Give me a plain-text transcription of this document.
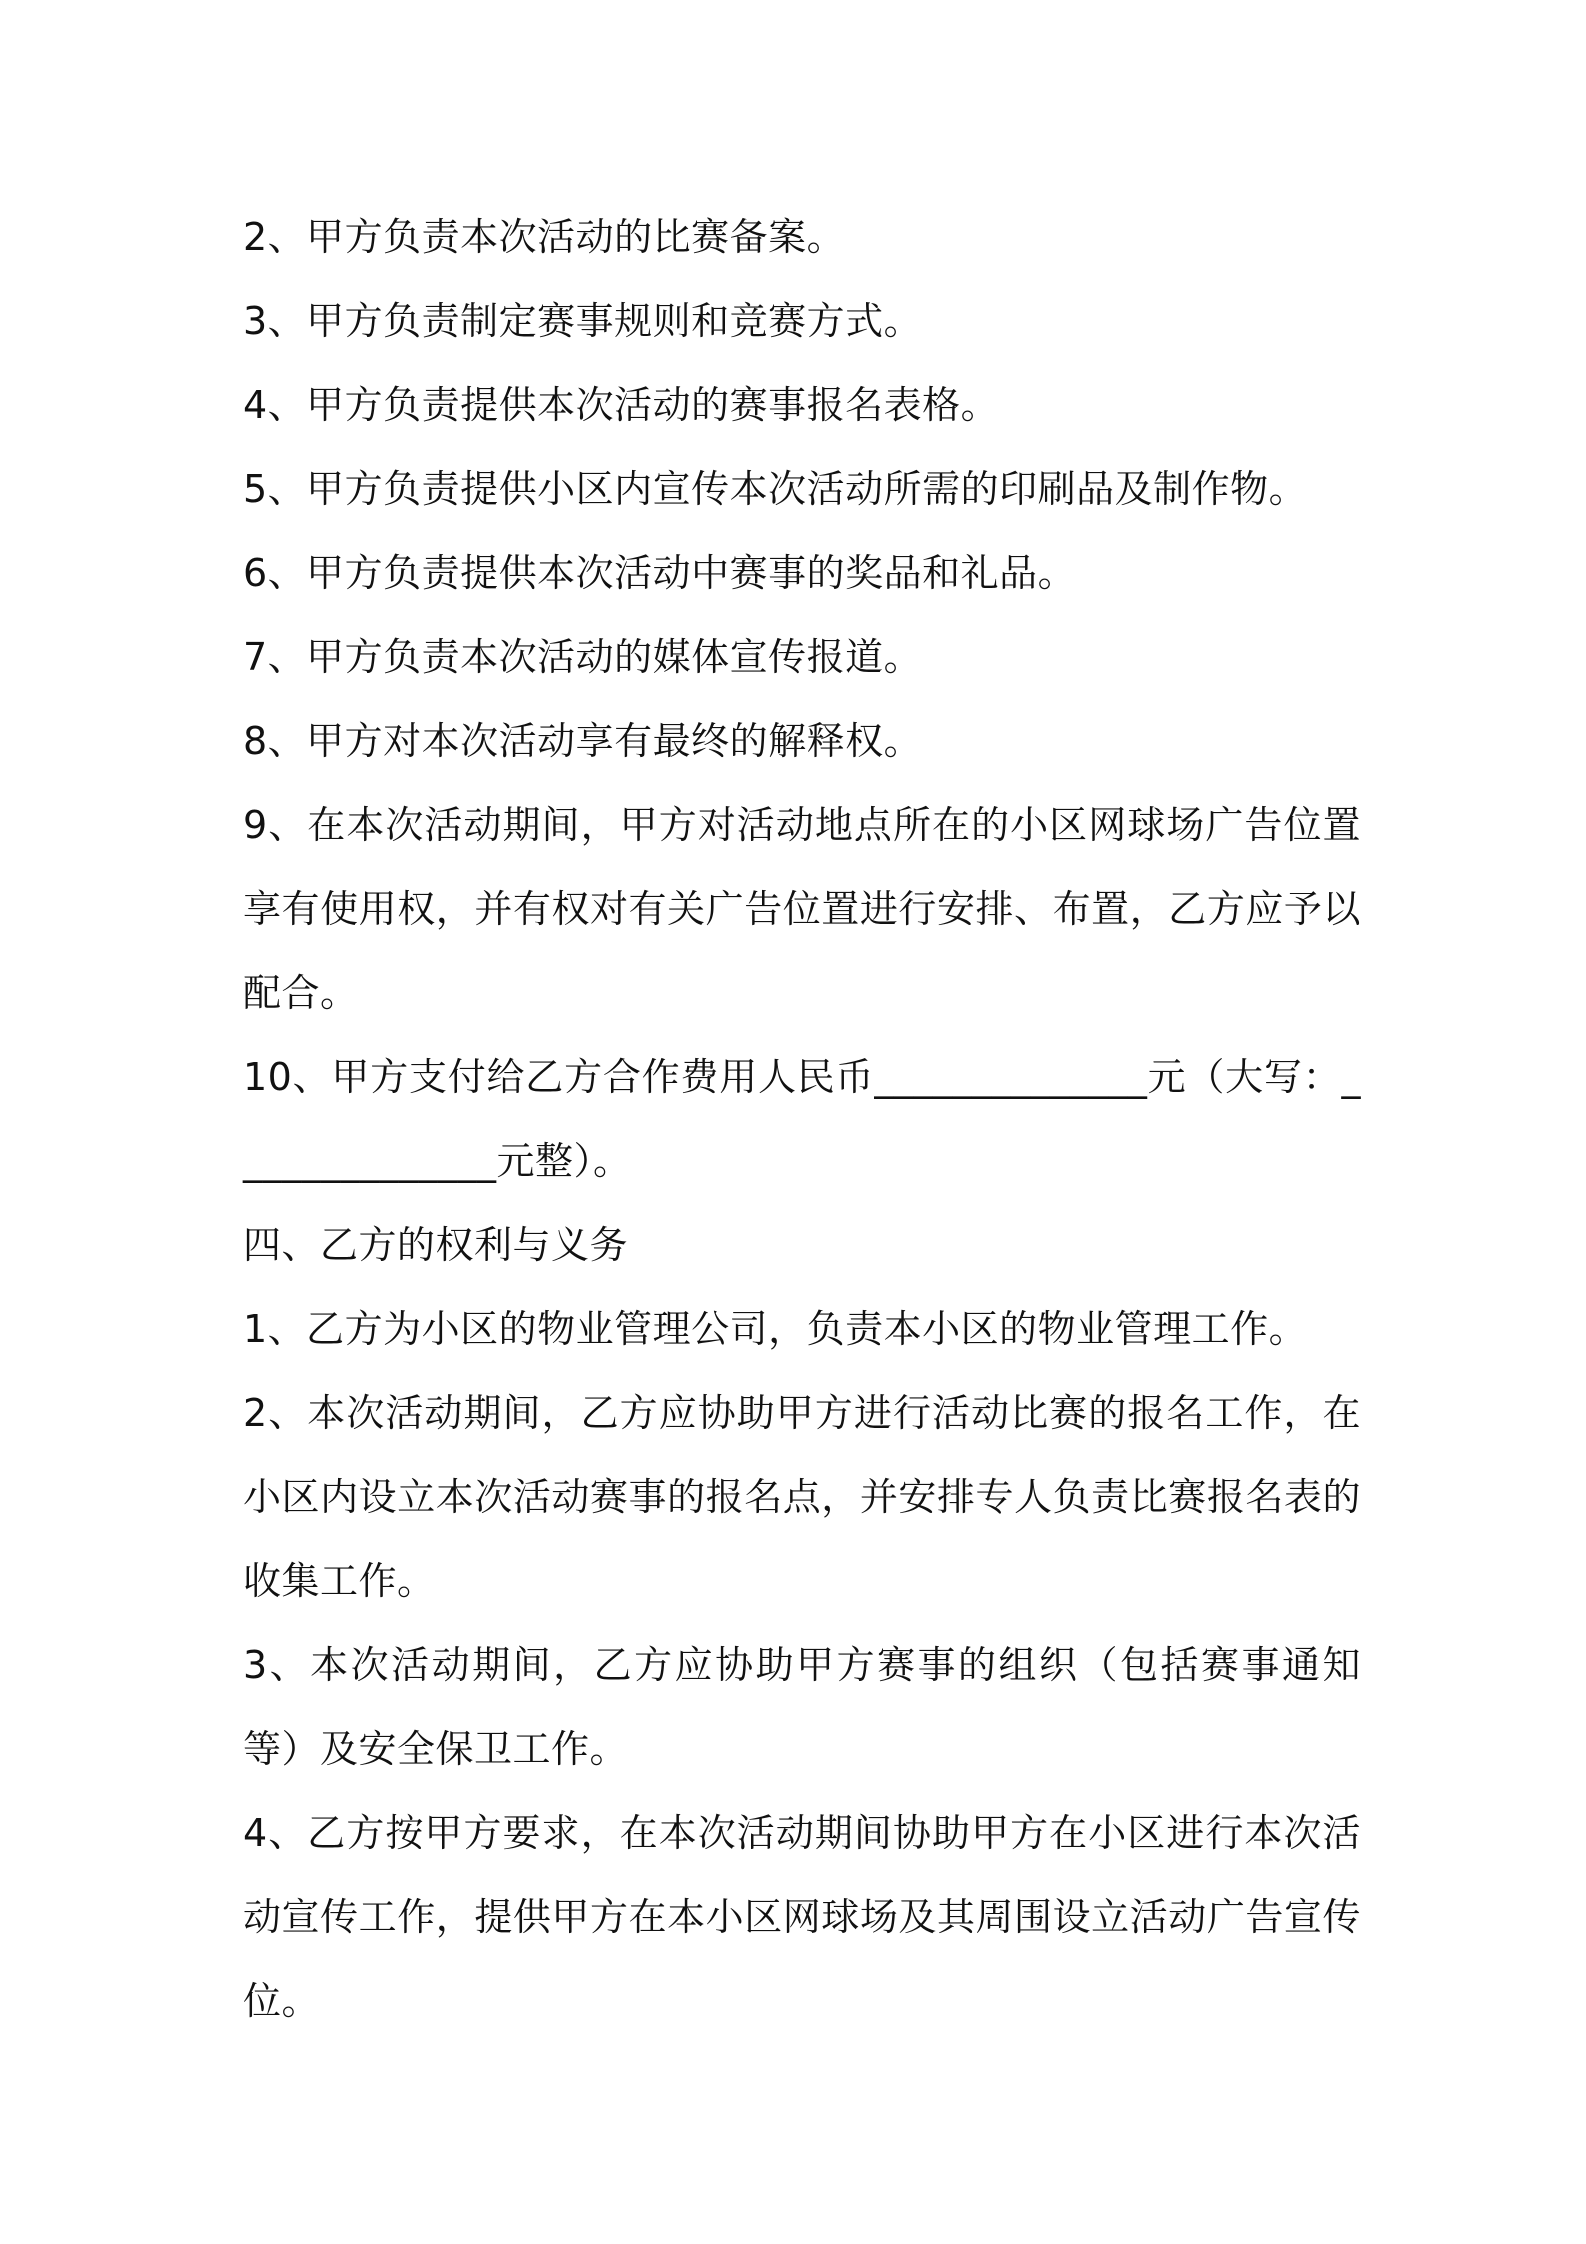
2、甲方负责本次活动的比赛备案。

3、甲方负责制定赛事规则和竞赛方式。

4、甲方负责提供本次活动的赛事报名表格。

5、甲方负责提供小区内宣传本次活动所需的印刷品及制作物。

6、甲方负责提供本次活动中赛事的奖品和礼品。

7、甲方负责本次活动的媒体宣传报道。

8、甲方对本次活动享有最终的解释权。

9、在本次活动期间，甲方对活动地点所在的小区网球场广告位置享有使用权，并有权对有关广告位置进行安排、布置，乙方应予以配合。

10、甲方支付给乙方合作费用人民币______________元（大写：______________元整）。

四、乙方的权利与义务

1、乙方为小区的物业管理公司，负责本小区的物业管理工作。

2、本次活动期间，乙方应协助甲方进行活动比赛的报名工作，在小区内设立本次活动赛事的报名点，并安排专人负责比赛报名表的收集工作。

3、本次活动期间，乙方应协助甲方赛事的组织（包括赛事通知等）及安全保卫工作。

4、乙方按甲方要求，在本次活动期间协助甲方在小区进行本次活动宣传工作，提供甲方在本小区网球场及其周围设立活动广告宣传位。
